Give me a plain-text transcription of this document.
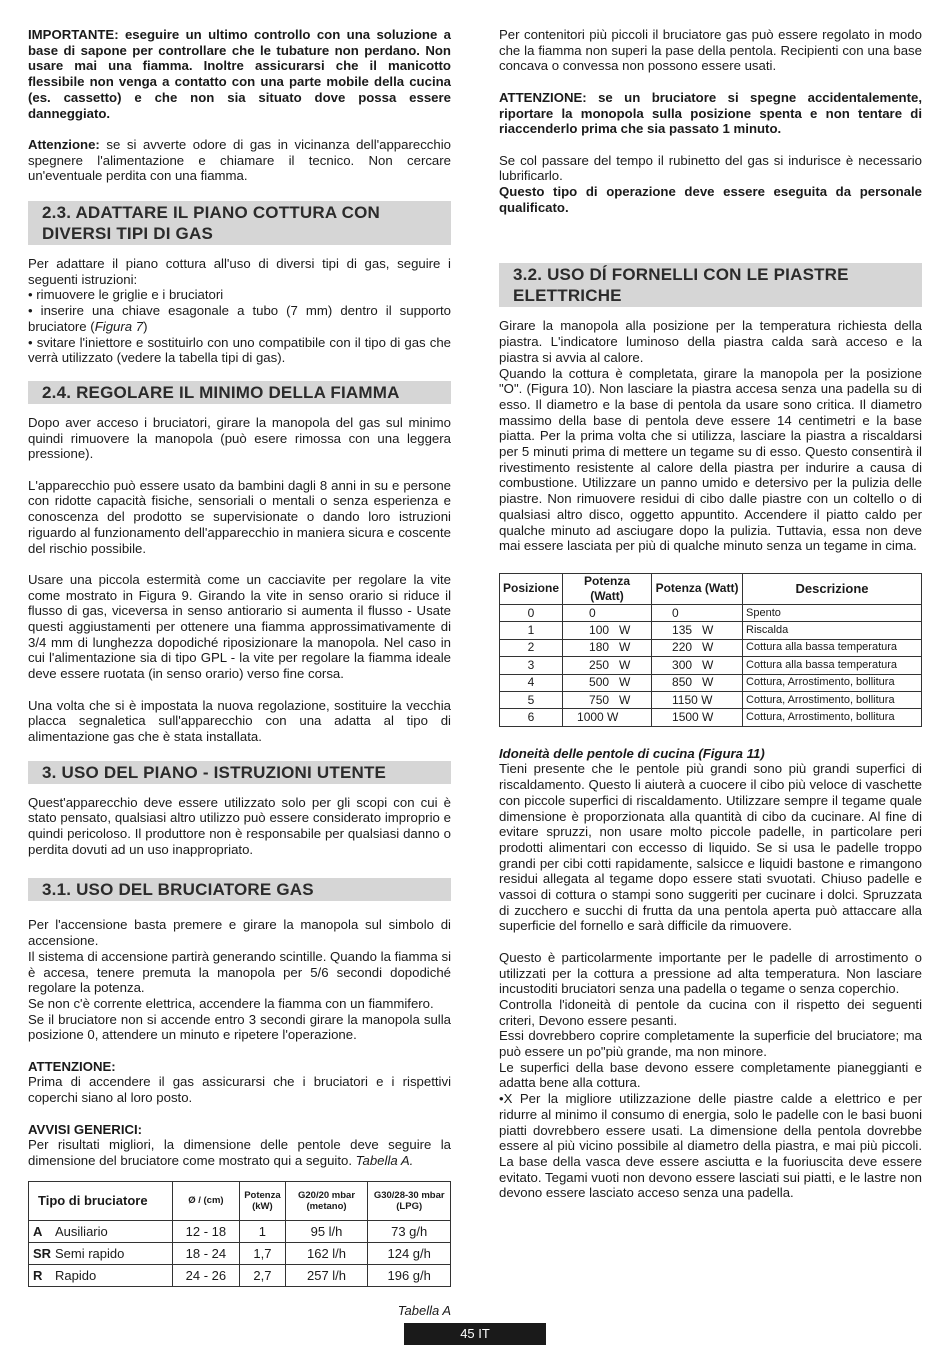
IMPORTANTE: eseguire un ultimo controllo con una soluzione a base di sapone per controllare che le tubature non perdano. Non usare mai una fiamma. Inoltre assicurarsi che il manicotto flessibile non venga a contatto con una parte mobile della cucina (es. cassetto) e che non sia situato dove possa essere danneggiato.

Attenzione: se si avverte odore di gas in vicinanza dell'apparecchio spegnere l'alimentazione e chiamare il tecnico. Non cercare un'eventuale perdita con una fiamma.

2.3. ADATTARE IL PIANO COTTURA CON DIVERSI TIPI DI GAS

Per adattare il piano cottura all'uso di diversi tipi di gas, seguire i seguenti istruzioni:

• rimuovere le griglie e i bruciatori

• inserire una chiave esagonale a tubo (7 mm) dentro il supporto bruciatore (Figura 7)

• svitare l'iniettore e sostituirlo con uno compatibile con il tipo di gas che verrà utilizzato (vedere la tabella tipi di gas).

2.4. REGOLARE IL MINIMO DELLA FIAMMA

Dopo aver acceso i bruciatori, girare la manopola del gas sul minimo quindi rimuovere la manopola (può esere rimossa con una leggera pressione).

L'apparecchio può essere usato da bambini dagli 8 anni in su e persone con ridotte capacità fisiche, sensoriali o mentali o senza esperienza e conoscenza del prodotto se supervisionate o dando loro istruzioni riguardo al funzionamento dell'apparecchio in maniera sicura e coscente del rischio possibile.

Usare una piccola estermità come un cacciavite per regolare la vite come mostrato in Figura 9. Girando la vite in senso orario si riduce il flusso di gas, viceversa in senso antiorario si aumenta il flusso - Usate questi aggiustamenti per ottenere una fiamma approssimativamente di 3/4 mm di lunghezza dopodiché riposizionare la manopola. Nel caso in cui l'alimentazione sia di tipo GPL - la vite per regolare la fiamma ideale deve essere ruotata (in senso orario) verso fine corsa.

Una volta che si è impostata la nuova regolazione, sostituire la vecchia placca segnaletica sull'apparecchio con una adatta al tipo di alimentazione gas che è stata installata.

3. USO DEL PIANO - ISTRUZIONI UTENTE

Quest'apparecchio deve essere utilizzato solo per gli scopi con cui è stato pensato, qualsiasi altro utilizzo può essere considerato improprio e quindi pericoloso. Il produttore non è responsabile per qualsiasi danno o perdita dovuti ad un uso inappropriato.

3.1. USO DEL BRUCIATORE GAS

Per l'accensione basta premere e girare la manopola sul simbolo di accensione.

Il sistema di accensione partirà generando scintille. Quando la fiamma si è accesa, tenere premuta la manopola per 5/6 secondi dopodiché regolare la potenza.

Se non c'è corrente elettrica, accendere la fiamma con un fiammifero.

Se il bruciatore non si accende entro 3 secondi girare la manopola sulla posizione 0, attendere un minuto e ripetere l'operazione.

ATTENZIONE:

Prima di accendere il gas assicurarsi che i bruciatori e i rispettivi coperchi siano al loro posto.

AVVISI GENERICI:

Per risultati migliori, la dimensione delle pentole deve seguire la dimensione del bruciatore come mostrato qui a seguito. Tabella A.

Tipo di bruciatore	Ø / (cm)	Potenza (kW)	G20/20 mbar (metano)	G30/28-30 mbar (LPG)
A Ausiliario	12 - 18	1	95 l/h	73 g/h
SR Semi rapido	18 - 24	1,7	162 l/h	124 g/h
R Rapido	24 - 26	2,7	257 l/h	196 g/h
Tabella A

Per contenitori più piccoli il bruciatore gas può essere regolato in modo che la fiamma non superi la pase della pentola. Recipienti con una base concava o convessa non possono essere usati.

ATTENZIONE: se un bruciatore si spegne accidentalemente, riportare la monopola sulla posizione spenta e non tentare di riaccenderlo prima che sia passato 1 minuto.

Se col passare del tempo il rubinetto del gas si indurisce è necessario lubrificarlo.

Questo tipo di operazione deve essere eseguita da personale qualificato.

3.2. USO DÍ FORNELLI CON LE PIASTRE ELETTRICHE

Girare la manopola alla posizione per la temperatura richiesta della piastra. L'indicatore luminoso della piastra calda sarà acceso e la piastra si avvia al calore.

Quando la cottura è completata, girare la manopola per la posizione "O". (Figura 10). Non lasciare la piastra accesa senza una padella su di esso. Il diametro e la base di pentola da usare sono critica. Il diametro massimo della base di pentola deve essere 14 centimetri e la base piatta. Per la prima volta che si utilizza, lasciare la piastra a riscaldarsi per 5 minuti prima di mettere un tegame su di esso. Questo consentirà il rivestimento resistente al calore della piastra per indurire a causa di combustione. Utilizzare un panno umido e detersivo per la pulizia delle piastre. Non rimuovere residui di cibo dalle piastre con un coltello o di qualsiasi altro disco, oggetto appuntito. Accendere il piatto caldo per qualche minuto ad asciugare dopo la pulizia. Tuttavia, essa non deve mai essere lasciata per più di qualche minuto senza un tegame in cima.

Posizione	Potenza (Watt)	Potenza (Watt)	Descrizione
0	0	0	Spento
1	100   W	135   W	Riscalda
2	180   W	220   W	Cottura alla bassa temperatura
3	250   W	300   W	Cottura alla bassa temperatura
4	500   W	850   W	Cottura, Arrostimento, bollitura
5	750   W	1150 W	Cottura, Arrostimento, bollitura
6	1000 W	1500 W	Cottura, Arrostimento, bollitura

Idoneità delle pentole di cucina (Figura 11)

Tieni presente che le pentole più grandi sono più grandi superfici di riscaldamento. Questo li aiuterà a cuocere il cibo più veloce di vaschette con piccole superfici di riscaldamento. Utilizzare sempre il tegame quale dimensione è proporzionata alla quantità di cibo da cucinare. Al fine di evitare spruzzi, non usare molto piccole padelle, in particolare peri prodotti alimentari con eccesso di liquido. Se si usa le padelle troppo grandi per cibi cotti rapidamente, salsicce e liquidi bastone e rimangono residui allegata al tegame dopo essere stati svuotati. Chiuso padelle e vassoi di cottura o stampi sono suggeriti per cucinare i dolci. Spruzzata di zucchero e succhi di frutta da una pentola aperta può attaccare alla superficie del fornello e sarà difficile da rimuovere.

Questo è particolarmente importante per le padelle di arrostimento o utilizzati per la cottura a pressione ad alta temperatura. Non lasciare incustoditi bruciatori senza una padella o tegame o senza coperchio.

Controlla l'idoneità di pentole da cucina con il rispetto dei seguenti criteri, Devono essere pesanti.

Essi dovrebbero coprire completamente la superficie del bruciatore; ma può essere un po"più grande, ma non minore.

Le superfici della base devono essere completamente pianeggianti e adatta bene alla cottura.

•X Per la migliore utilizzazione delle piastre calde a elettrico e per ridurre al minimo il consumo di energia, solo le padelle con le basi buoni piatti dovrebbero essere usati. La dimensione della pentola dovrebbe essere al più vicino possibile al diametro della piastra, e mai più piccoli. La base della vasca deve essere asciutta e la fuoriuscita deve essere evitato. Tegami vuoti non devono essere lasciati sui piatti, e le lastre non devono essere lasciato acceso senza una padella.

45 IT
